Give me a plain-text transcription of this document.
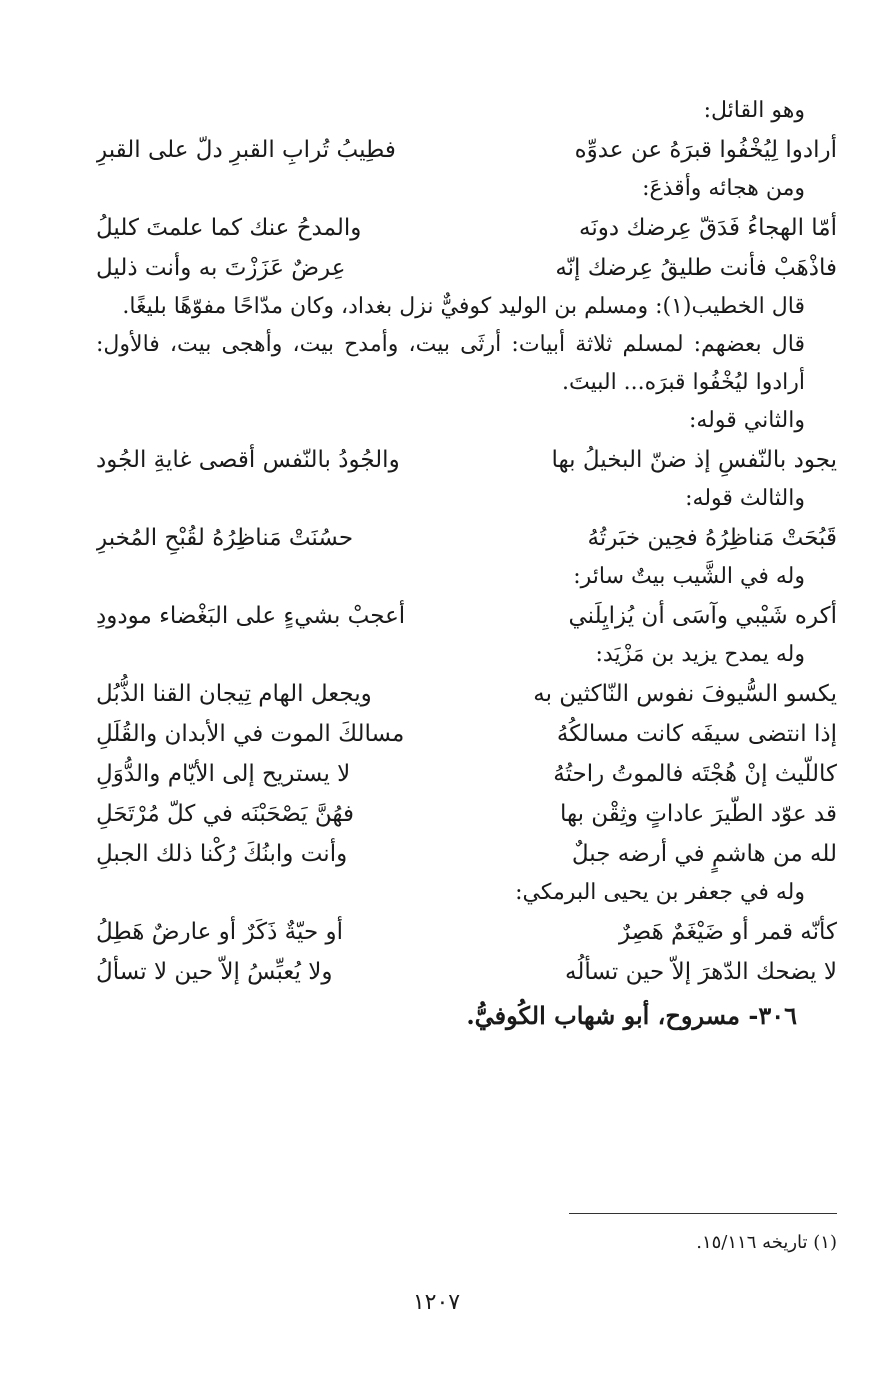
وهو القائل:
أرادوا لِيُخْفُوا قبرَهُ عن عدوِّه
فطِيبُ تُرابِ القبرِ دلّ على القبرِ
ومن هجائه وأقذعَ:
أمّا الهجاءُ فَدَقّ عِرضك دونَه
والمدحُ عنك كما علمتَ كليلُ
فاذْهَبْ فأنت طليقُ عِرضك إنّه
عِرضٌ عَزَزْتَ به وأنت ذليل

قال الخطيب(١): ومسلم بن الوليد كوفيٌّ نزل بغداد، وكان مدّاحًا مفوّهًا بليغًا.

قال بعضهم: لمسلم ثلاثة أبيات: أرثَى بيت، وأمدح بيت، وأهجى بيت، فالأول: أرادوا ليُخْفُوا قبرَه... البيتَ.

والثاني قوله:
يجود بالنّفسِ إذ ضنّ البخيلُ بها
والجُودُ بالنّفس أقصى غايةِ الجُود
والثالث قوله:
قَبُحَتْ مَناظِرُهُ فحِين خبَرتُهُ
حسُنَتْ مَناظِرُهُ لقُبْحِ المُخبرِ
وله في الشَّيب بيتٌ سائر:
أكره شَيْبي وآسَى أن يُزايِلَني
أعجبْ بشيءٍ على البَغْضاء مودودِ
وله يمدح يزيد بن مَزْيَد:
يكسو السُّيوفَ نفوس النّاكثين به
ويجعل الهام تِيجان القنا الذُّبُل
إذا انتضى سيفَه كانت مسالكُهُ
مسالكَ الموت في الأبدان والقُلَلِ
كاللّيث إنْ هُجْتَه فالموتُ راحتُهُ
لا يستريح إلى الأيّام والدُّوَلِ
قد عوّد الطّيرَ عاداتٍ وثِقْن بها
فهُنَّ يَصْحَبْنَه في كلّ مُرْتَحَلِ
لله من هاشمٍ في أرضه جبلٌ
وأنت وابنُكَ رُكْنا ذلك الجبلِ
وله في جعفر بن يحيى البرمكي:
كأنّه قمر أو ضَيْغَمٌ هَصِرٌ
أو حيّةٌ ذَكَرٌ أو عارضٌ هَطِلُ
لا يضحك الدّهرَ إلاّ حين تسألُه
ولا يُعبِّسُ إلاّ حين لا تسألُ
٣٠٦- مسروح، أبو شهاب الكُوفيُّ.
(١) تاريخه ١٥/١١٦.
١٢٠٧
